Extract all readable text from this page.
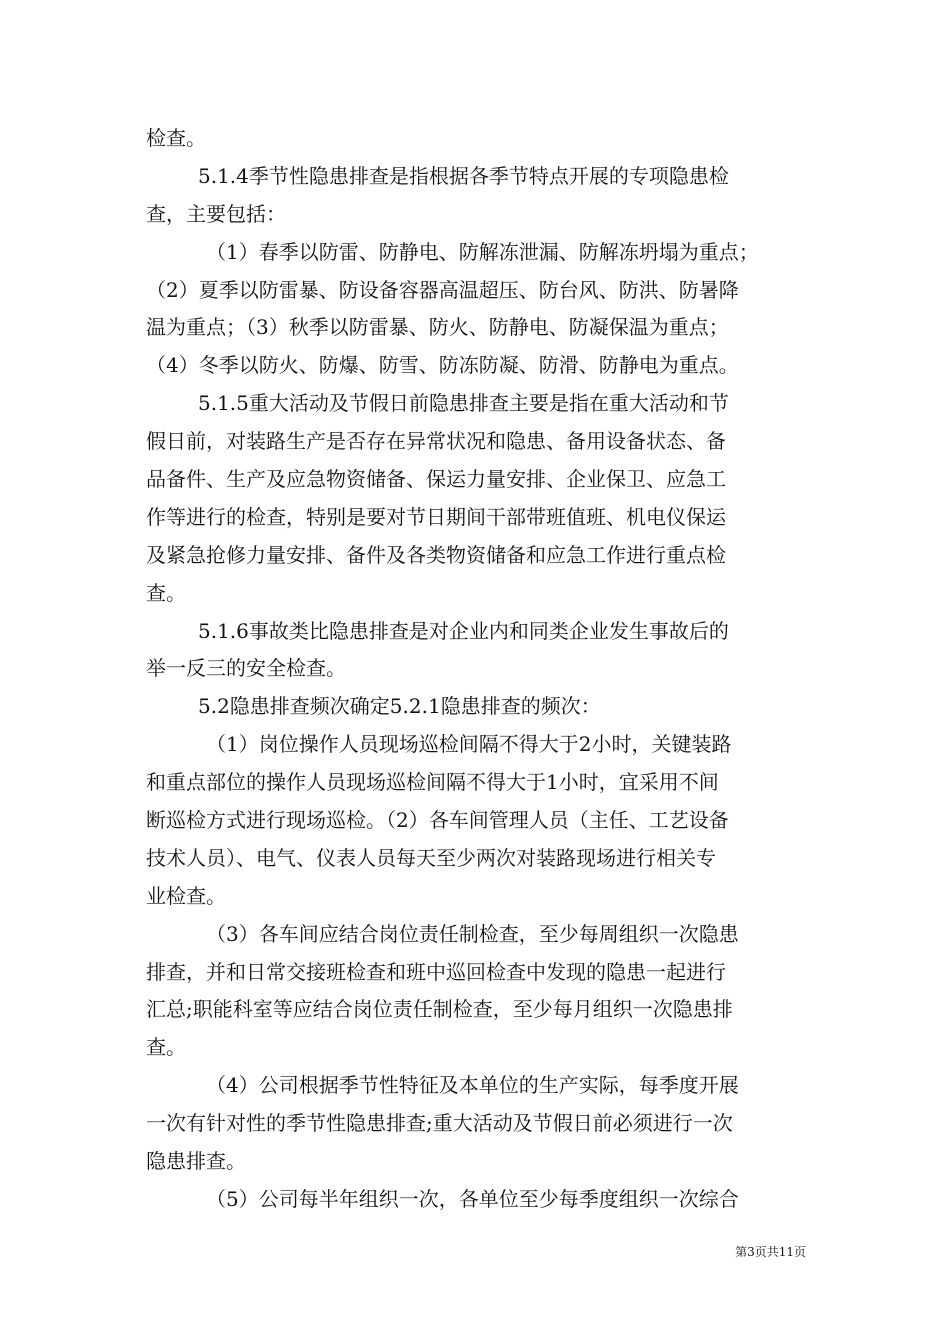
检查。
5.1.4季节性隐患排查是指根据各季节特点开展的专项隐患检
查，主要包括：
（1）春季以防雷、防静电、防解冻泄漏、防解冻坍塌为重点；
（2）夏季以防雷暴、防设备容器高温超压、防台风、防洪、防暑降
温为重点；（3）秋季以防雷暴、防火、防静电、防凝保温为重点；
（4）冬季以防火、防爆、防雪、防冻防凝、防滑、防静电为重点。
5.1.5重大活动及节假日前隐患排查主要是指在重大活动和节
假日前，对装路生产是否存在异常状况和隐患、备用设备状态、备
品备件、生产及应急物资储备、保运力量安排、企业保卫、应急工
作等进行的检查，特别是要对节日期间干部带班值班、机电仪保运
及紧急抢修力量安排、备件及各类物资储备和应急工作进行重点检
查。
5.1.6事故类比隐患排查是对企业内和同类企业发生事故后的
举一反三的安全检查。
5.2隐患排查频次确定5.2.1隐患排查的频次：
（1）岗位操作人员现场巡检间隔不得大于2小时，关键装路
和重点部位的操作人员现场巡检间隔不得大于1小时，宜采用不间
断巡检方式进行现场巡检。（2）各车间管理人员（主任、工艺设备
技术人员）、电气、仪表人员每天至少两次对装路现场进行相关专
业检查。
（3）各车间应结合岗位责任制检查，至少每周组织一次隐患
排查，并和日常交接班检查和班中巡回检查中发现的隐患一起进行
汇总;职能科室等应结合岗位责任制检查，至少每月组织一次隐患排
查。
（4）公司根据季节性特征及本单位的生产实际，每季度开展
一次有针对性的季节性隐患排查;重大活动及节假日前必须进行一次
隐患排查。
（5）公司每半年组织一次，各单位至少每季度组织一次综合
第3页共11页
